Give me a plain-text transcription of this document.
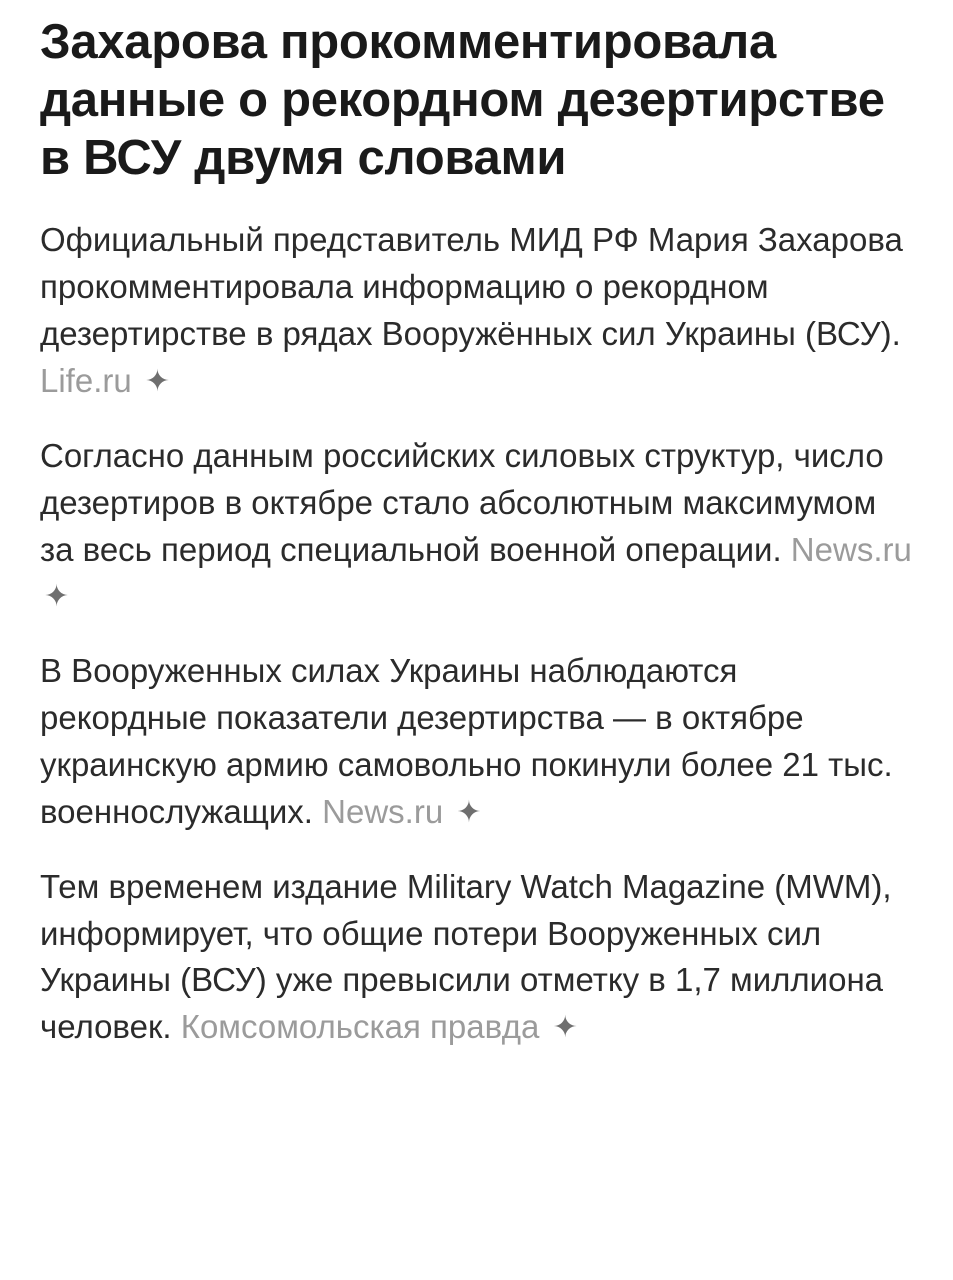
Захарова прокомментировала данные о рекордном дезертирстве в ВСУ двумя словами

Официальный представитель МИД РФ Мария Захарова прокомментировала информацию о рекордном дезертирстве в рядах Вооружённых сил Украины (ВСУ). Life.ru ✦

Согласно данным российских силовых структур, число дезертиров в октябре стало абсолютным максимумом за весь период специальной военной операции. News.ru ✦

В Вооруженных силах Украины наблюдаются рекордные показатели дезертирства — в октябре украинскую армию самовольно покинули более 21 тыс. военнослужащих. News.ru ✦

Тем временем издание Military Watch Magazine (MWM), информирует, что общие потери Вооруженных сил Украины (ВСУ) уже превысили отметку в 1,7 миллиона человек. Комсомольская правда ✦
